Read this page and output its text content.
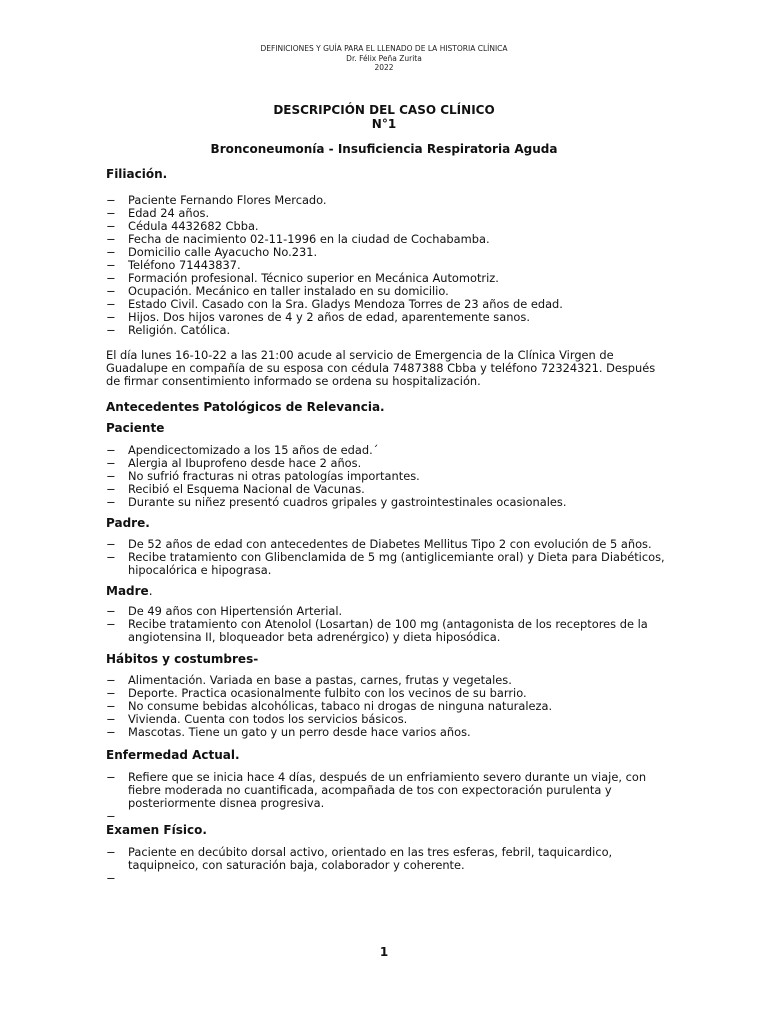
DEFINICIONES Y GUÍA PARA EL LLENADO DE LA HISTORIA CLÍNICA
Dr. Félix Peña Zurita
2022
DESCRIPCIÓN DEL CASO CLÍNICO
N°1
Bronconeumonía - Insuficiencia Respiratoria Aguda
Filiación.
− Paciente Fernando Flores Mercado.
− Edad 24 años.
− Cédula 4432682 Cbba.
− Fecha de nacimiento 02-11-1996 en la ciudad de Cochabamba.
− Domicilio calle Ayacucho No.231.
− Teléfono 71443837.
− Formación profesional. Técnico superior en Mecánica Automotriz.
− Ocupación. Mecánico en taller instalado en su domicilio.
− Estado Civil. Casado con la Sra. Gladys Mendoza Torres de 23 años de edad.
− Hijos. Dos hijos varones de 4 y 2 años de edad, aparentemente sanos.
− Religión. Católica.

El día lunes 16-10-22 a las 21:00 acude al servicio de Emergencia de la Clínica Virgen de Guadalupe en compañía de su esposa con cédula 7487388 Cbba y teléfono 72324321. Después de firmar consentimiento informado se ordena su hospitalización.

Antecedentes Patológicos de Relevancia.
Paciente
− Apendicectomizado a los 15 años de edad.´
− Alergia al Ibuprofeno desde hace 2 años.
− No sufrió fracturas ni otras patologías importantes.
− Recibió el Esquema Nacional de Vacunas.
− Durante su niñez presentó cuadros gripales y gastrointestinales ocasionales.
Padre.
− De 52 años de edad con antecedentes de Diabetes Mellitus Tipo 2 con evolución de 5 años.
− Recibe tratamiento con Glibenclamida de 5 mg (antiglicemiante oral) y Dieta para Diabéticos, hipocalórica e hipograsa.
Madre.
− De 49 años con Hipertensión Arterial.
− Recibe tratamiento con Atenolol (Losartan) de 100 mg (antagonista de los receptores de la angiotensina II, bloqueador beta adrenérgico) y dieta hiposódica.
Hábitos y costumbres-
− Alimentación. Variada en base a pastas, carnes, frutas y vegetales.
− Deporte. Practica ocasionalmente fulbito con los vecinos de su barrio.
− No consume bebidas alcohólicas, tabaco ni drogas de ninguna naturaleza.
− Vivienda. Cuenta con todos los servicios básicos.
− Mascotas. Tiene un gato y un perro desde hace varios años.
Enfermedad Actual.
− Refiere que se inicia hace 4 días, después de un enfriamiento severo durante un viaje, con fiebre moderada no cuantificada, acompañada de tos con expectoración purulenta y posteriormente disnea progresiva.
−
Examen Físico.
− Paciente en decúbito dorsal activo, orientado en las tres esferas, febril, taquicardico, taquipneico, con saturación baja, colaborador y coherente.
−
1
